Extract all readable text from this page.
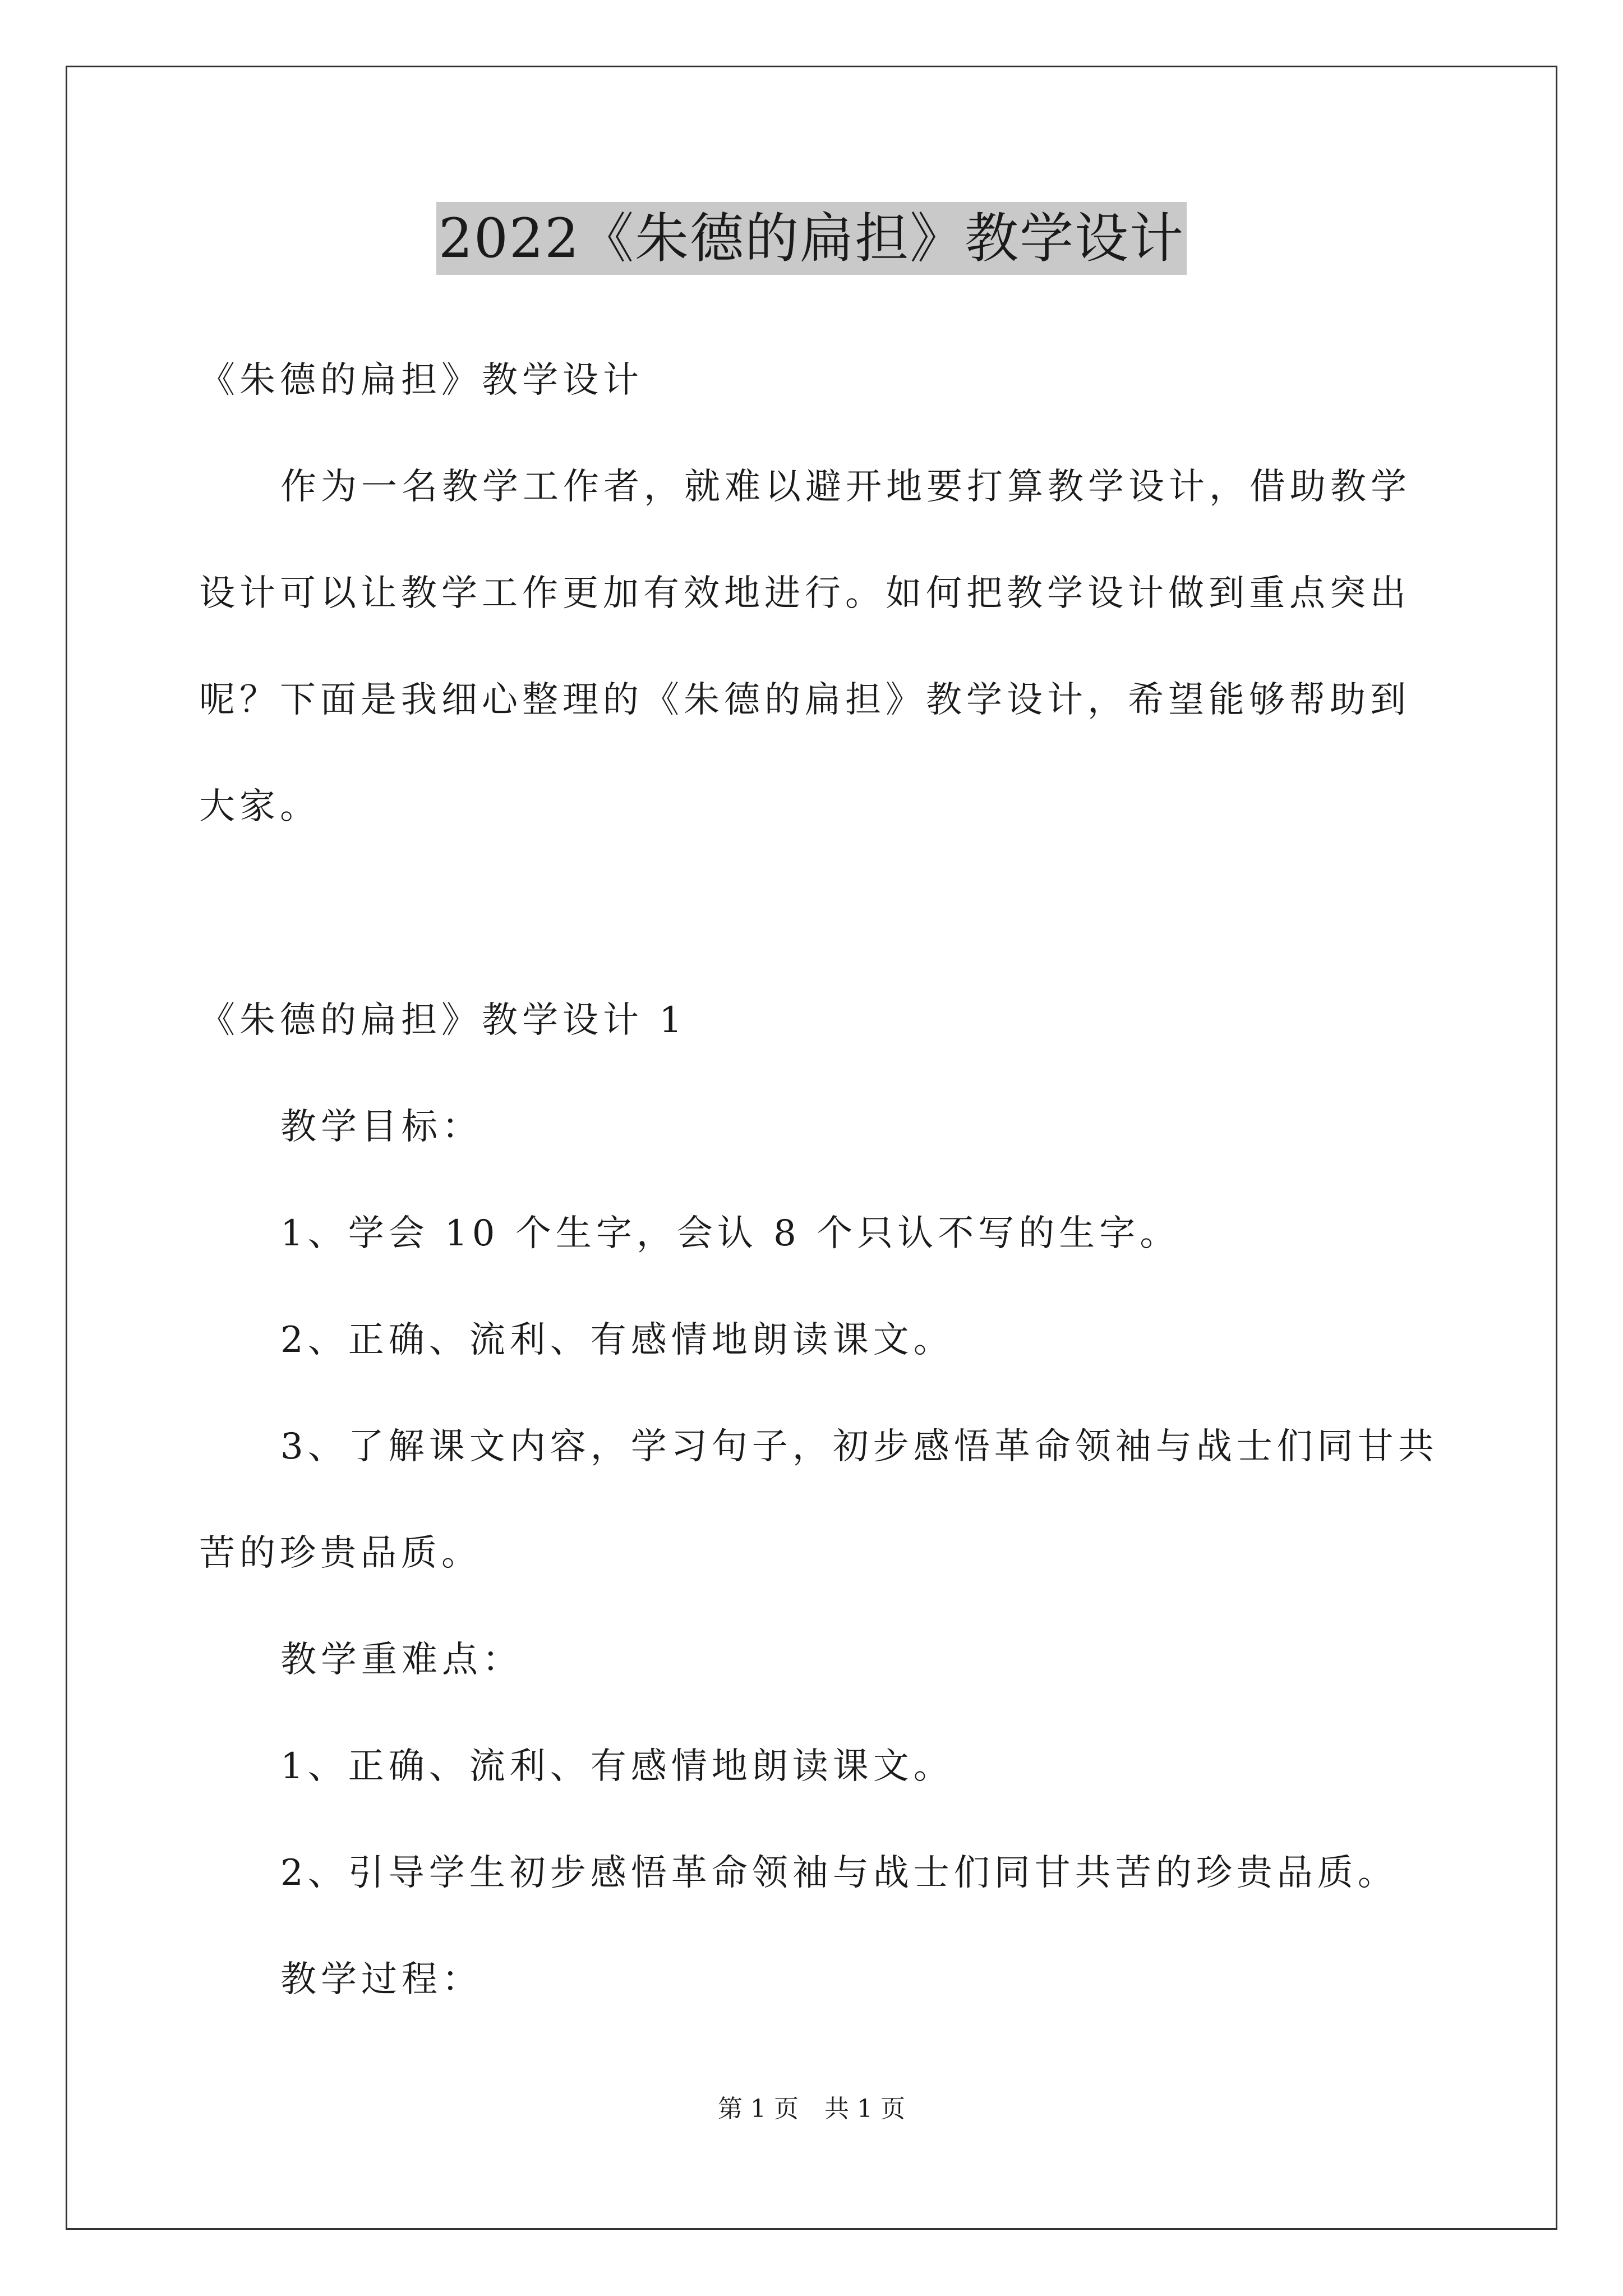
2022《朱德的扁担》教学设计
《朱德的扁担》教学设计
作为一名教学工作者，就难以避开地要打算教学设计，借助教学
设计可以让教学工作更加有效地进行。如何把教学设计做到重点突出
呢？下面是我细心整理的《朱德的扁担》教学设计，希望能够帮助到
大家。
《朱德的扁担》教学设计 1
教学目标：
1、学会 10 个生字，会认 8 个只认不写的生字。
2、正确、流利、有感情地朗读课文。
3、了解课文内容，学习句子，初步感悟革命领袖与战士们同甘共
苦的珍贵品质。
教学重难点：
1、正确、流利、有感情地朗读课文。
2、引导学生初步感悟革命领袖与战士们同甘共苦的珍贵品质。
教学过程：
第 1 页 共 1 页
